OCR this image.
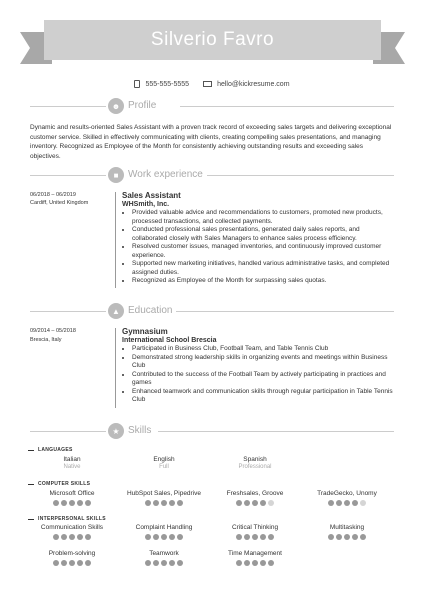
Silverio Favro
555-555-5555	hello@kickresume.com
☻ Profile
Dynamic and results-oriented Sales Assistant with a proven track record of exceeding sales targets and delivering exceptional customer service. Skilled in effectively communicating with clients, creating compelling sales presentations, and managing inventory. Recognized as Employee of the Month for consistently achieving outstanding results and exceeding sales objectives.
■ Work experience
06/2018 – 06/2019
Cardiff, United Kingdom
Sales Assistant
WHSmith, Inc.
• Provided valuable advice and recommendations to customers, promoted new products, processed transactions, and collected payments.
• Conducted professional sales presentations, generated daily sales reports, and collaborated closely with Sales Managers to enhance sales process efficiency.
• Resolved customer issues, managed inventories, and continuously improved customer experience.
• Supported new marketing initiatives, handled various administrative tasks, and completed assigned duties.
• Recognized as Employee of the Month for surpassing sales quotas.
▲ Education
09/2014 – 05/2018
Brescia, Italy
Gymnasium
International School Brescia
• Participated in Business Club, Football Team, and Table Tennis Club
• Demonstrated strong leadership skills in organizing events and meetings within Business Club
• Contributed to the success of the Football Team by actively participating in practices and games
• Enhanced teamwork and communication skills through regular participation in Table Tennis Club
★ Skills
LANGUAGES
Italian
Native
English
Full
Spanish
Professional
COMPUTER SKILLS
Microsoft Office	HubSpot Sales, Pipedrive	Freshsales, Groove	TradeGecko, Unomy
INTERPERSONAL SKILLS
Communication Skills	Complaint Handling	Critical Thinking	Multitasking
Problem-solving	Teamwork	Time Management
